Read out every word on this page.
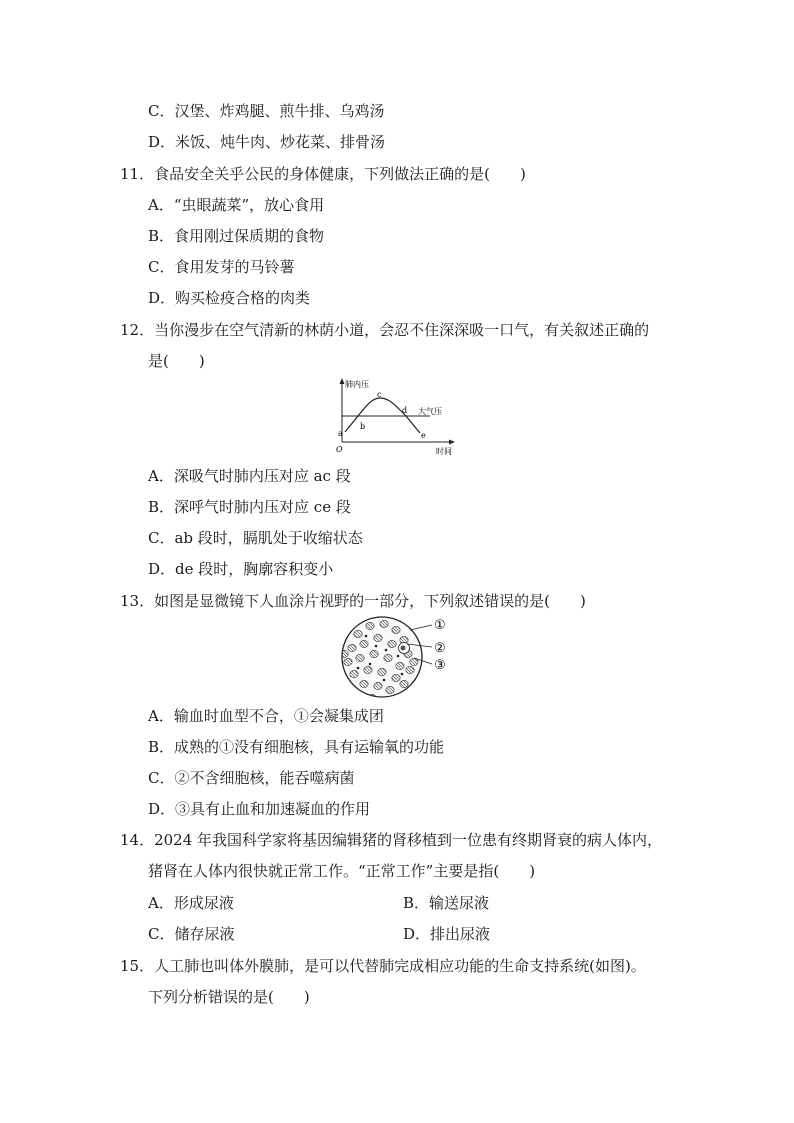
C．汉堡、炸鸡腿、煎牛排、乌鸡汤
D．米饭、炖牛肉、炒花菜、排骨汤
11．食品安全关乎公民的身体健康，下列做法正确的是(　　)
A．“虫眼蔬菜”，放心食用
B．食用刚过保质期的食物
C．食用发芽的马铃薯
D．购买检疫合格的肉类
12．当你漫步在空气清新的林荫小道，会忍不住深深吸一口气，有关叙述正确的
是(　　)
肺内压
时间
O
大气压
a
b
c
d
e
A．深吸气时肺内压对应 ac 段
B．深呼气时肺内压对应 ce 段
C．ab 段时，膈肌处于收缩状态
D．de 段时，胸廓容积变小
13．如图是显微镜下人血涂片视野的一部分，下列叙述错误的是(　　)
①
②
③
A．输血时血型不合，①会凝集成团
B．成熟的①没有细胞核，具有运输氧的功能
C．②不含细胞核，能吞噬病菌
D．③具有止血和加速凝血的作用
14．2024 年我国科学家将基因编辑猪的肾移植到一位患有终期肾衰的病人体内，
猪肾在人体内很快就正常工作。“正常工作”主要是指(　　)
A．形成尿液	B．输送尿液
C．储存尿液	D．排出尿液
15．人工肺也叫体外膜肺，是可以代替肺完成相应功能的生命支持系统(如图)。
下列分析错误的是(　　)
